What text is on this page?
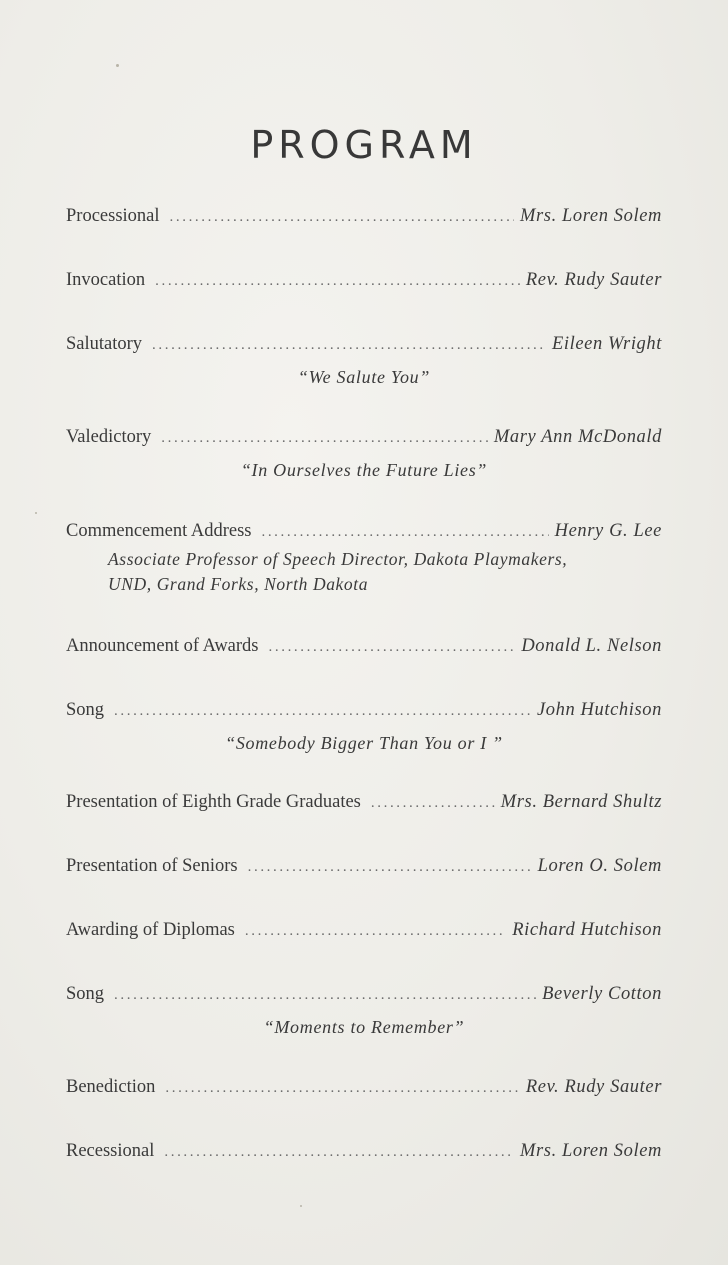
PROGRAM
Processional .....	Mrs. Loren Solem
Invocation .....	Rev. Rudy Sauter
Salutatory .....	Eileen Wright
“We Salute You”
Valedictory .....	Mary Ann McDonald
“In Ourselves the Future Lies”
Commencement Address .....	Henry G. Lee
Associate Professor of Speech Director, Dakota Playmakers,
UND, Grand Forks, North Dakota
Announcement of Awards .....	Donald L. Nelson
Song .....	John Hutchison
“Somebody Bigger Than You or I ”
Presentation of Eighth Grade Graduates .....	Mrs. Bernard Shultz
Presentation of Seniors .....	Loren O. Solem
Awarding of Diplomas .....	Richard Hutchison
Song .....	Beverly Cotton
“Moments to Remember”
Benediction .....	Rev. Rudy Sauter
Recessional .....	Mrs. Loren Solem
